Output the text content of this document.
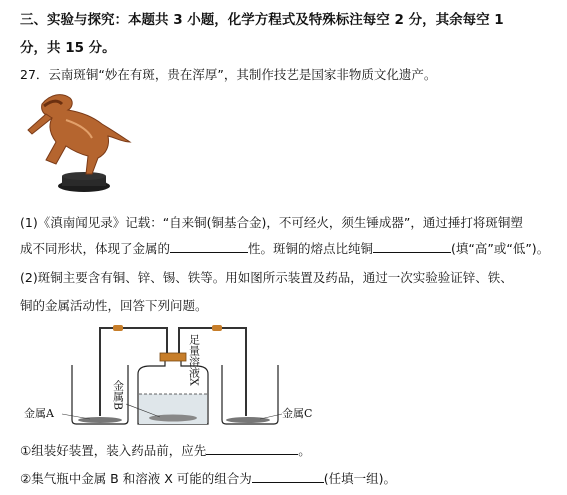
三、实验与探究：本题共 3 小题，化学方程式及特殊标注每空 2 分，其余每空 1
分，共 15 分。
27．云南斑铜“妙在有斑，贵在浑厚”，其制作技艺是国家非物质文化遗产。
(1)《滇南闻见录》记载：“自来铜(铜基合金)，不可经火，须生锤成器”，通过捶打将斑铜塑
成不同形状，体现了金属的	性。斑铜的熔点比纯铜	(填“高”或“低”)。
(2)斑铜主要含有铜、锌、锡、铁等。用如图所示装置及药品，通过一次实验验证锌、铁、
铜的金属活动性，回答下列问题。
金属A	金属C
金属B
足量溶液X
①组装好装置，装入药品前，应先	。
②集气瓶中金属 B 和溶液 X 可能的组合为	(任填一组)。
